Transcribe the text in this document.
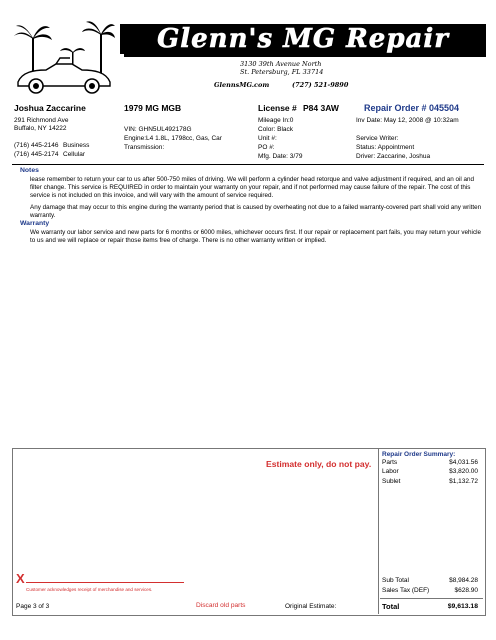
Glenn's MG Repair
3130 39th Avenue North
St. Petersburg, FL 33714
GlennsMG.com	(727) 521-9890
Joshua Zaccarine
291 Richmond Ave
Buffalo, NY 14222
(716) 445-2146 Business
(716) 445-2174 Cellular
1979 MG MGB
VIN: GHN5UL492178G
Engine:L4 1.8L, 1798cc, Gas, Car
Transmission:
License # P84 3AW
Mileage In:0
Color: Black
Unit #:
PO #:
Mfg. Date: 3/79
Repair Order # 045504
Inv Date: May 12, 2008 @ 10:32am
Service Writer:
Status: Appointment
Driver: Zaccarine, Joshua
Notes
lease remember to return your car to us after 500-750 miles of driving. We will perform a cylinder head retorque and valve adjustment if required, and an oil and filter change. This service is REQUIRED in order to maintain your warranty on your repair, and if not performed may cause failure of the repair. The cost of this service is not included on this invoice, and will vary with the amount of service required.
Any damage that may occur to this engine during the warranty period that is caused by overheating not due to a failed warranty-covered part shall void any written warranty.
Warranty
We warranty our labor service and new parts for 6 months or 6000 miles, whichever occurs first. If our repair or replacement part fails, you may return your vehicle to us and we will replace or repair those items free of charge. There is no other warranty written or implied.
Estimate only, do not pay.
X
Customer acknowledges receipt of merchandise and services.
Repair Order Summary:
Parts	$4,031.56
Labor	$3,820.00
Sublet	$1,132.72
Sub Total	$8,984.28
Sales Tax (DEF)	$628.90
Total	$9,613.18
Page 3 of 3	Discard old parts	Original Estimate:
